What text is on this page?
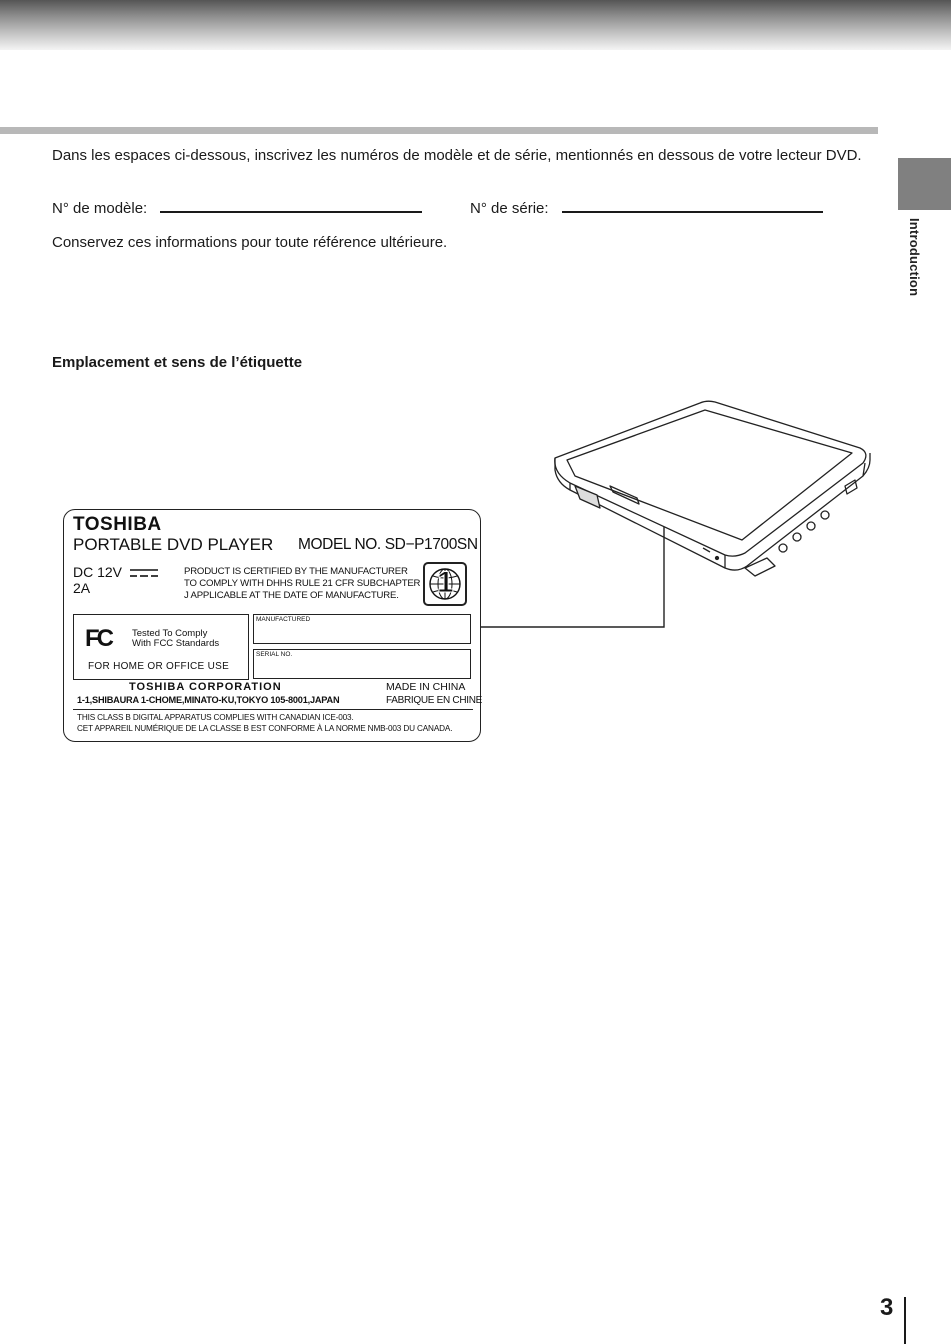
Introduction
Dans les espaces ci-dessous, inscrivez les numéros de modèle et de série, mentionnés en dessous de votre lecteur DVD.
N° de modèle:	N° de série:
Conservez ces informations pour toute référence ultérieure.
Emplacement et sens de l’étiquette
TOSHIBA
PORTABLE DVD PLAYER MODEL NO. SD−P1700SN
DC 12V
2A
PRODUCT IS CERTIFIED BY THE MANUFACTURER
TO COMPLY WITH DHHS RULE 21 CFR SUBCHAPTER
J APPLICABLE AT THE DATE OF MANUFACTURE.	1
FC Tested To Comply
With FCC Standards
FOR HOME OR OFFICE USE
MANUFACTURED
SERIAL NO.
TOSHIBA CORPORATION	MADE IN CHINA
1-1,SHIBAURA 1-CHOME,MINATO-KU,TOKYO 105-8001,JAPAN	FABRIQUE EN CHINE
THIS CLASS B DIGITAL APPARATUS COMPLIES WITH CANADIAN ICE-003.
CET APPAREIL NUMÉRIQUE DE LA CLASSE B EST CONFORME À LA NORME NMB-003 DU CANADA.
3
